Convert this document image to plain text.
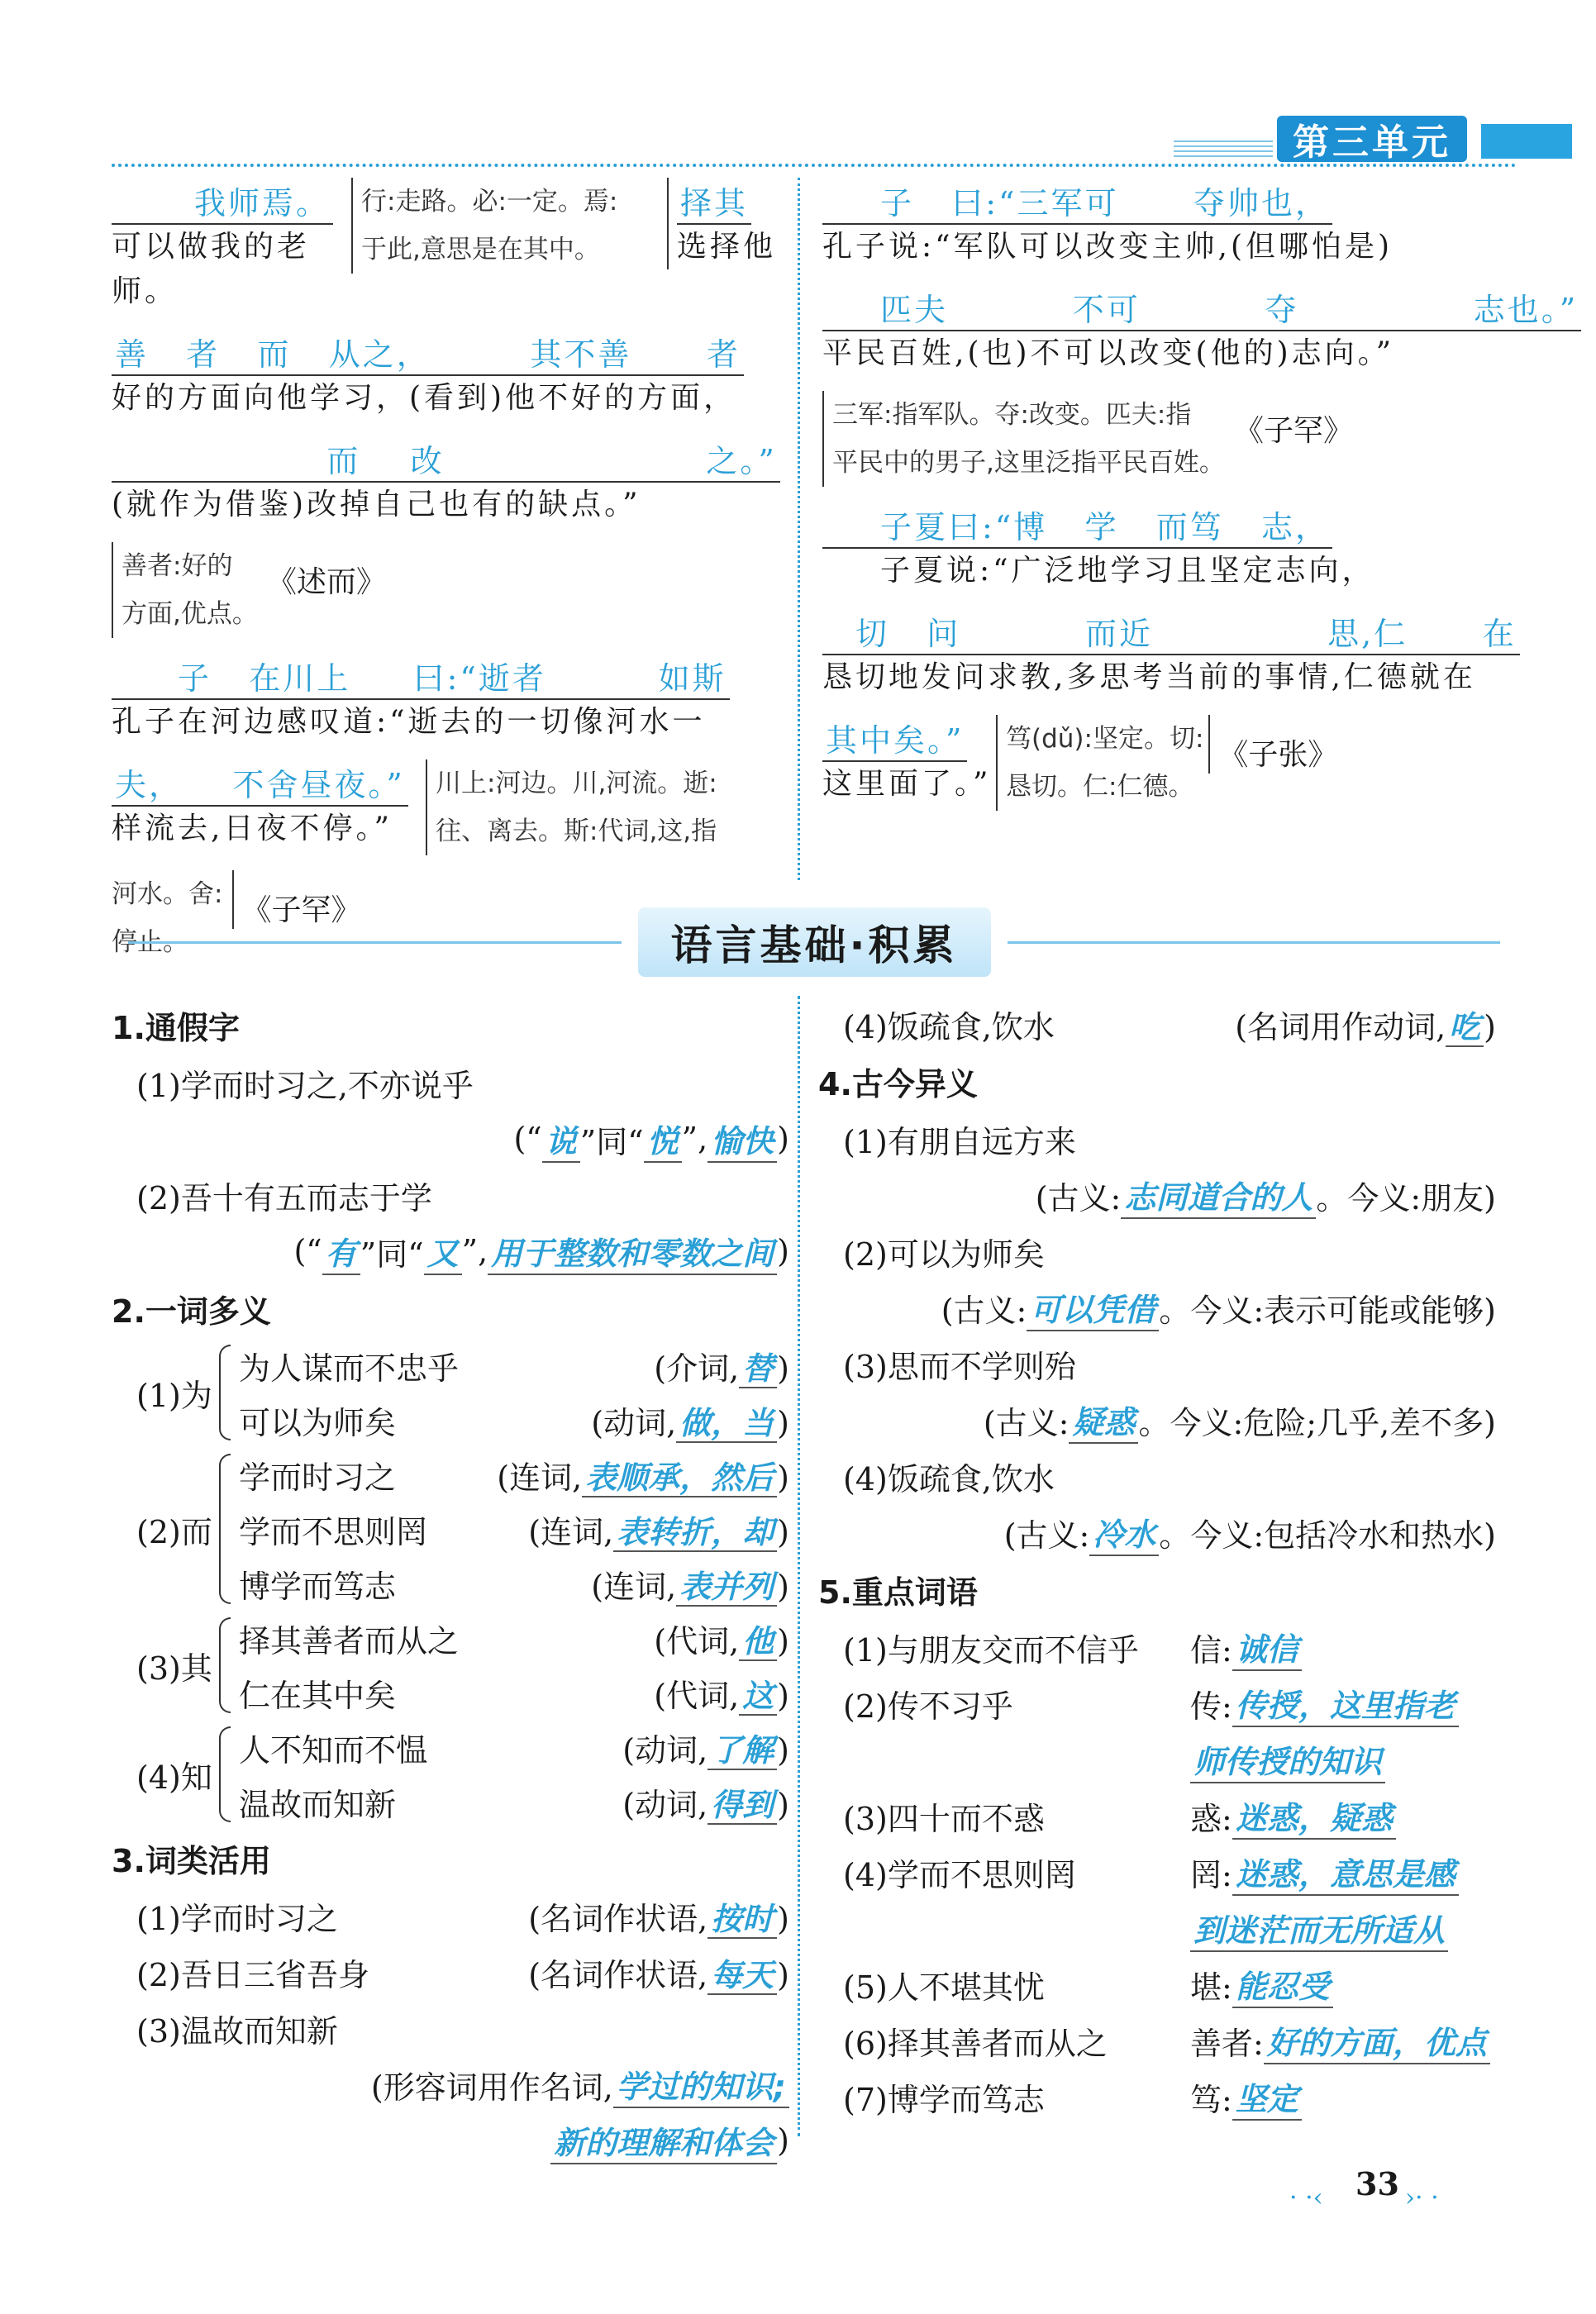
第三单元
我师焉。
可以做我的老师。
行:走路。必:一定。焉:
于此,意思是在其中。
择其
选择他
善   者   而   从之，        其不善      者
好的方面向他学习，(看到)他不好的方面，
而    改                     之。”
(就作为借鉴)改掉自己也有的缺点。”
善者:好的
方面,优点。
《述而》
子   在川上     曰:“逝者         如斯
孔子在河边感叹道:“逝去的一切像河水一
夫，    不舍昼夜。”
样流去,日夜不停。”
川上:河边。川,河流。逝:
往、离去。斯:代词,这,指
河水。舍:
停止。
《子罕》
子   曰:“三军可      夺帅也，
孔子说:“军队可以改变主帅,(但哪怕是)
匹夫          不可          夺              志也。”
平民百姓,(也)不可以改变(他的)志向。”
三军:指军队。夺:改变。匹夫:指
平民中的男子,这里泛指平民百姓。
《子罕》
子夏曰:“博   学   而笃   志，
子夏说:“广泛地学习且坚定志向，
切   问          而近              思,仁      在
恳切地发问求教,多思考当前的事情,仁德就在
其中矣。”
这里面了。”
笃(dǔ):坚定。切:
恳切。仁:仁德。
《子张》
语言基础·积累
1.通假字
(1)学而时习之,不亦说乎
(“ 说 ”同“ 悦 ”, 愉快 )
(2)吾十有五而志于学
(“ 有 ”同“ 又 ”, 用于整数和零数之间 )
2.一词多义
(1)为
为人谋而不忠乎	(介词, 替 )
可以为师矣	(动词, 做，当 )
(2)而
学而时习之	(连词, 表顺承，然后 )
学而不思则罔	(连词, 表转折，却 )
博学而笃志	(连词, 表并列 )
(3)其
择其善者而从之	(代词, 他 )
仁在其中矣	(代词, 这 )
(4)知
人不知而不愠	(动词, 了解 )
温故而知新	(动词, 得到 )
3.词类活用
(1)学而时习之	(名词作状语, 按时 )
(2)吾日三省吾身	(名词作状语, 每天 )
(3)温故而知新
(形容词用作名词, 学过的知识;
新的理解和体会 )
(4)饭疏食,饮水	(名词用作动词, 吃 )
4.古今异义
(1)有朋自远方来
(古义: 志同道合的人 。今义:朋友)
(2)可以为师矣
(古义: 可以凭借 。今义:表示可能或能够)
(3)思而不学则殆
(古义: 疑惑 。今义:危险;几乎,差不多)
(4)饭疏食,饮水
(古义: 冷水 。今义:包括冷水和热水)
5.重点词语
(1)与朋友交而不信乎	信: 诚信
(2)传不习乎	传: 传授，这里指老
师传授的知识
(3)四十而不惑	惑: 迷惑，疑惑
(4)学而不思则罔	罔: 迷惑，意思是感
到迷茫而无所适从
(5)人不堪其忧	堪: 能忍受
(6)择其善者而从之	善者: 好的方面，优点
(7)博学而笃志	笃: 坚定
· ·‹ 33 ›· ·
